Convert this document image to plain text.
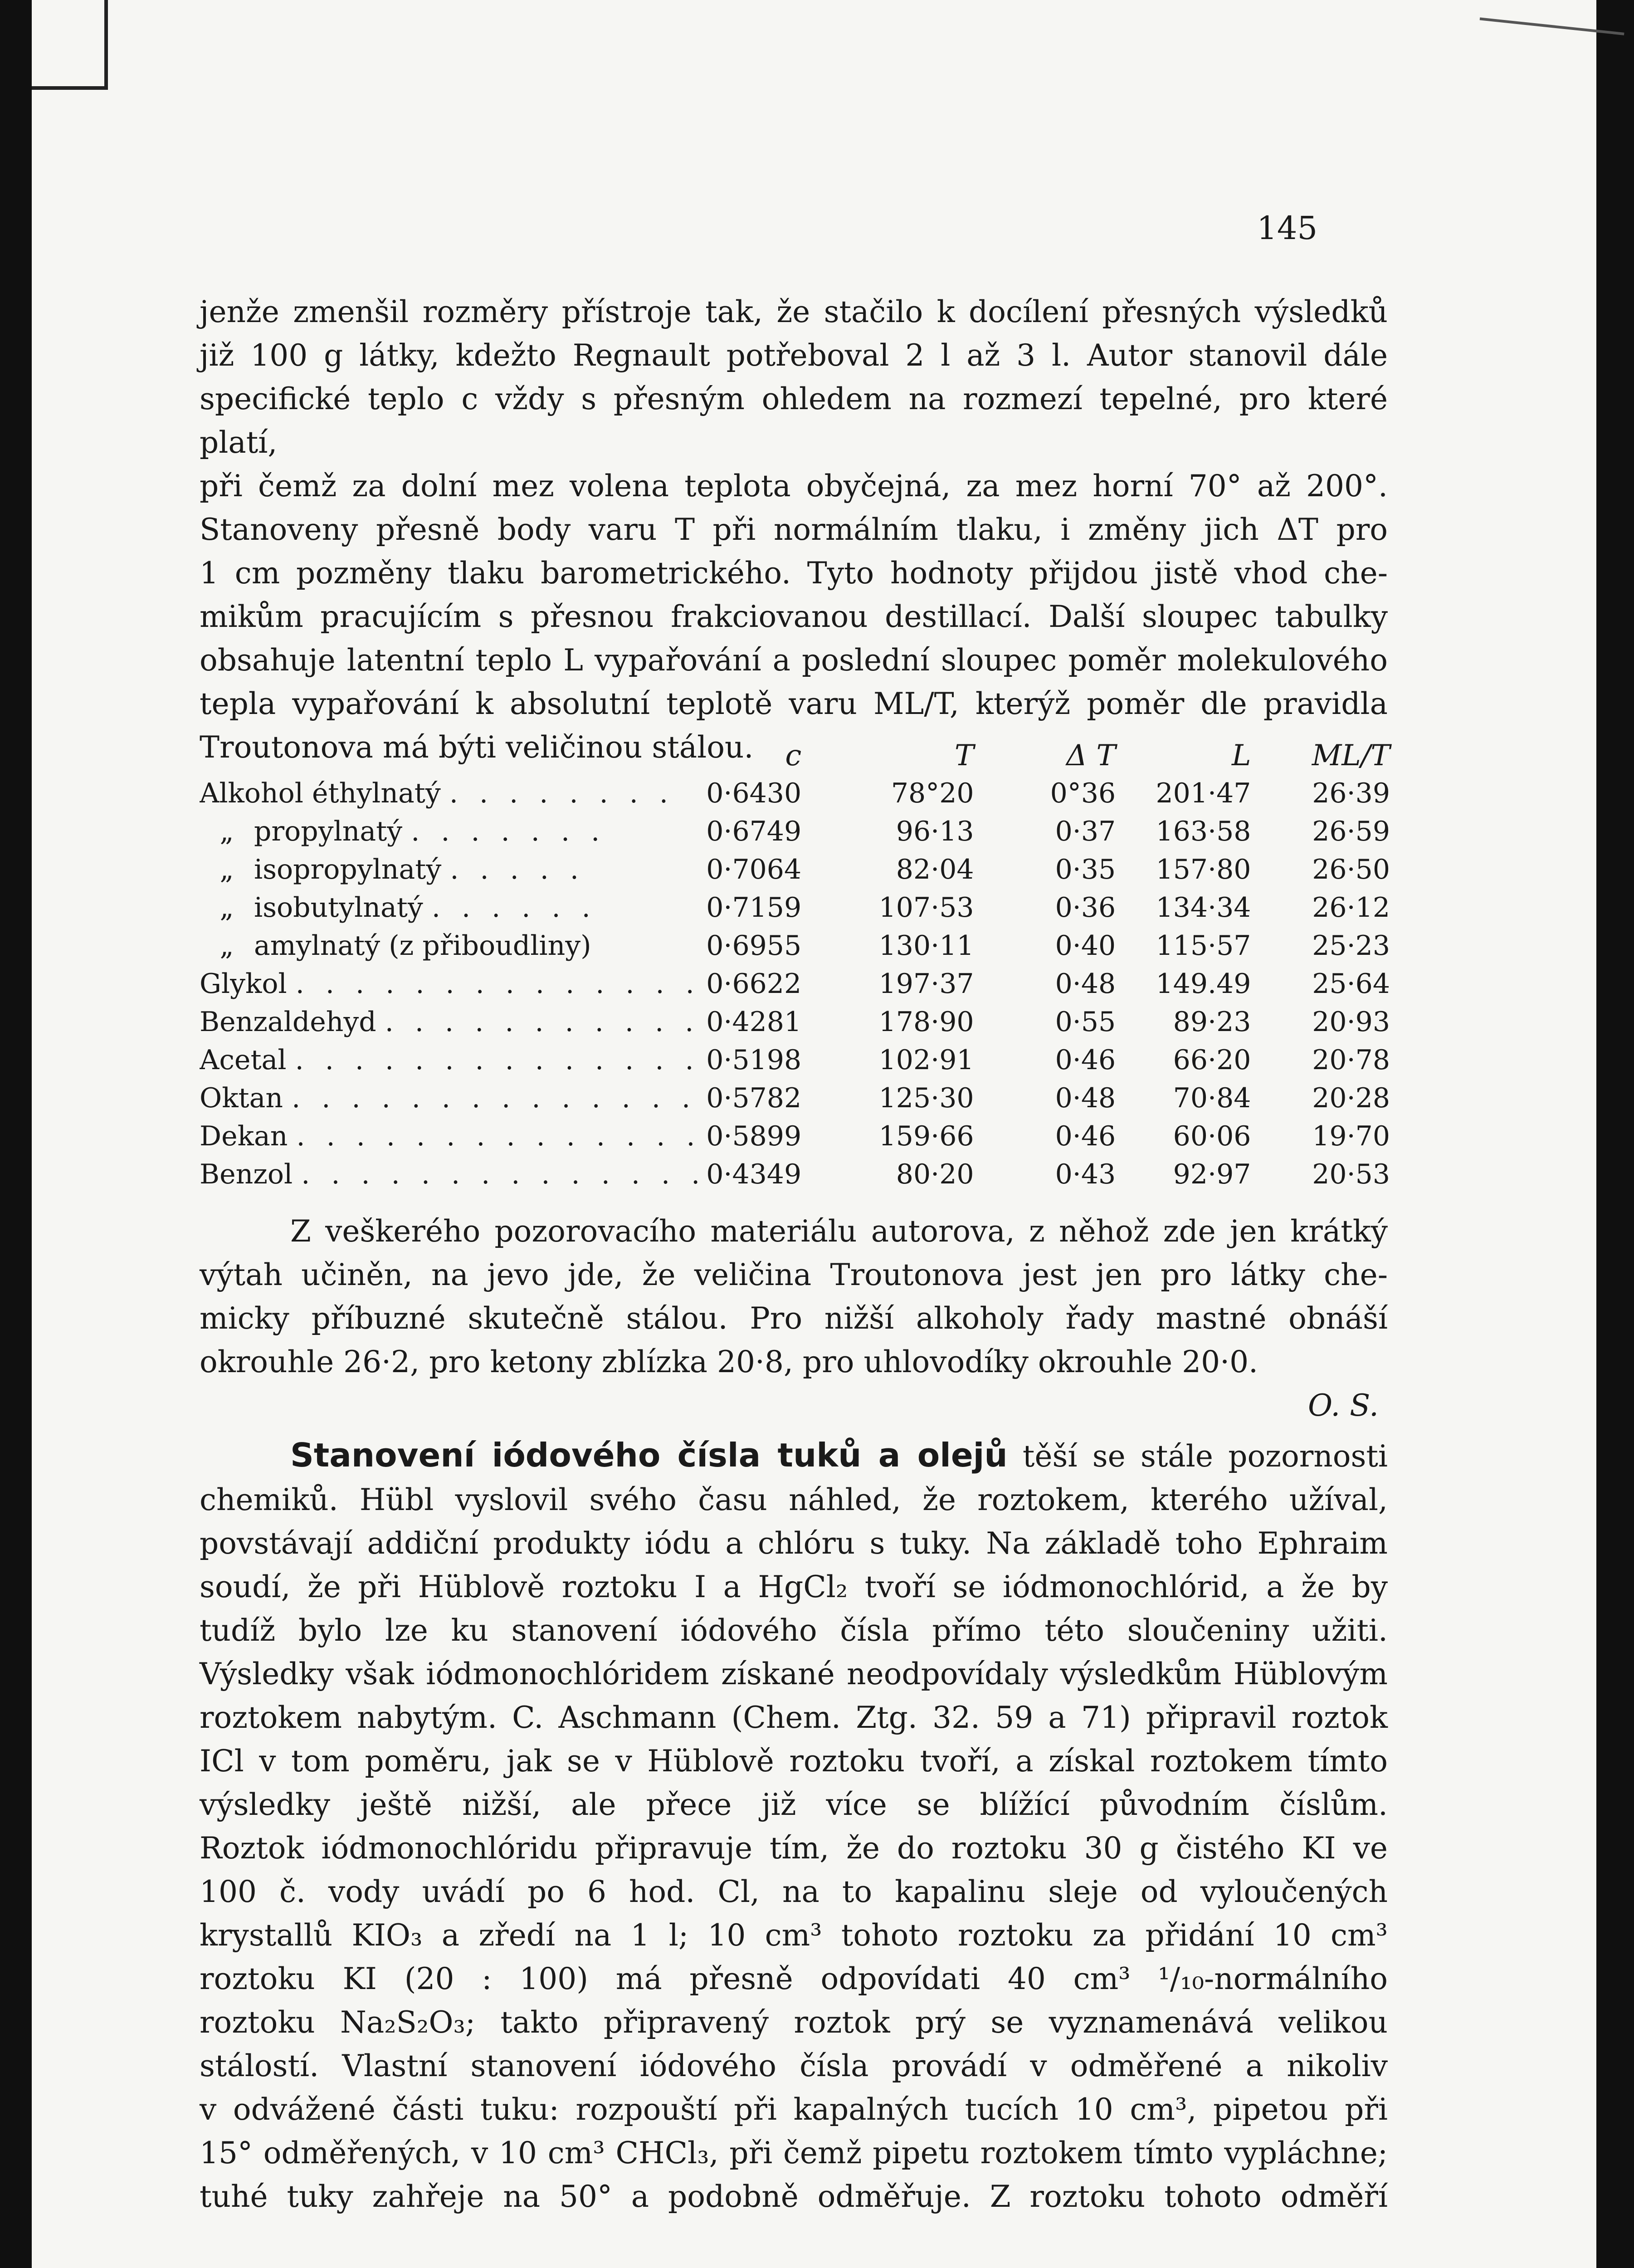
145

jenže zmenšil rozměry přístroje tak, že stačilo k docílení přesných výsledků

již 100 g látky, kdežto Regnault potřeboval 2 l až 3 l. Autor stanovil dále

specifické teplo c vždy s přesným ohledem na rozmezí tepelné, pro které platí,

při čemž za dolní mez volena teplota obyčejná, za mez horní 70° až 200°.

Stanoveny přesně body varu T při normálním tlaku, i změny jich ΔT pro

1 cm pozměny tlaku barometrického. Tyto hodnoty přijdou jistě vhod che-

mikům pracujícím s přesnou frakciovanou destillací. Další sloupec tabulky

obsahuje latentní teplo L vypařování a poslední sloupec poměr molekulového

tepla vypařování k absolutní teplotě varu ML/T, kterýž poměr dle pravidla

Troutonova má býti veličinou stálou.

		c	T	Δ T	L	ML/T
Alkohol éthylnatý . . . . . . . .	0·6430	78°20	0°36	201·47	26·39
„ propylnatý . . . . . . .	0·6749	96·13	0·37	163·58	26·59
„ isopropylnatý . . . . .	0·7064	82·04	0·35	157·80	26·50
„ isobutylnatý . . . . . .	0·7159	107·53	0·36	134·34	26·12
„ amylnatý (z přiboudliny)	0·6955	130·11	0·40	115·57	25·23
Glykol . . . . . . . . . . . . . .	0·6622	197·37	0·48	149.49	25·64
Benzaldehyd . . . . . . . . . . .	0·4281	178·90	0·55	89·23	20·93
Acetal . . . . . . . . . . . . . .	0·5198	102·91	0·46	66·20	20·78
Oktan . . . . . . . . . . . . . .	0·5782	125·30	0·48	70·84	20·28
Dekan . . . . . . . . . . . . . .	0·5899	159·66	0·46	60·06	19·70
Benzol . . . . . . . . . . . . . .	0·4349	80·20	0·43	92·97	20·53

Z veškerého pozorovacího materiálu autorova, z něhož zde jen krátký

výtah učiněn, na jevo jde, že veličina Troutonova jest jen pro látky che-

micky příbuzné skutečně stálou. Pro nižší alkoholy řady mastné obnáší

okrouhle 26·2, pro ketony zblízka 20·8, pro uhlovodíky okrouhle 20·0.

O. S.

Stanovení iódového čísla tuků a olejů těší se stále pozornosti

chemiků. Hübl vyslovil svého času náhled, že roztokem, kterého užíval,

povstávají addiční produkty iódu a chlóru s tuky. Na základě toho Ephraim

soudí, že při Hüblově roztoku I a HgCl₂ tvoří se iódmonochlórid, a že by

tudíž bylo lze ku stanovení iódového čísla přímo této sloučeniny užiti.

Výsledky však iódmonochlóridem získané neodpovídaly výsledkům Hüblovým

roztokem nabytým. C. Aschmann (Chem. Ztg. 32. 59 a 71) připravil roztok

ICl v tom poměru, jak se v Hüblově roztoku tvoří, a získal roztokem tímto

výsledky ještě nižší, ale přece již více se blížící původním číslům.

Roztok iódmonochlóridu připravuje tím, že do roztoku 30 g čistého KI ve

100 č. vody uvádí po 6 hod. Cl, na to kapalinu sleje od vyloučených

krystallů KIO₃ a zředí na 1 l; 10 cm³ tohoto roztoku za přidání 10 cm³

roztoku KI (20 : 100) má přesně odpovídati 40 cm³ ¹/₁₀-normálního

roztoku Na₂S₂O₃; takto připravený roztok prý se vyznamenává velikou

stálostí. Vlastní stanovení iódového čísla provádí v odměřené a nikoliv

v odvážené části tuku: rozpouští při kapalných tucích 10 cm³, pipetou při

15° odměřených, v 10 cm³ CHCl₃, při čemž pipetu roztokem tímto vypláchne;

tuhé tuky zahřeje na 50° a podobně odměřuje. Z roztoku tohoto odměří
